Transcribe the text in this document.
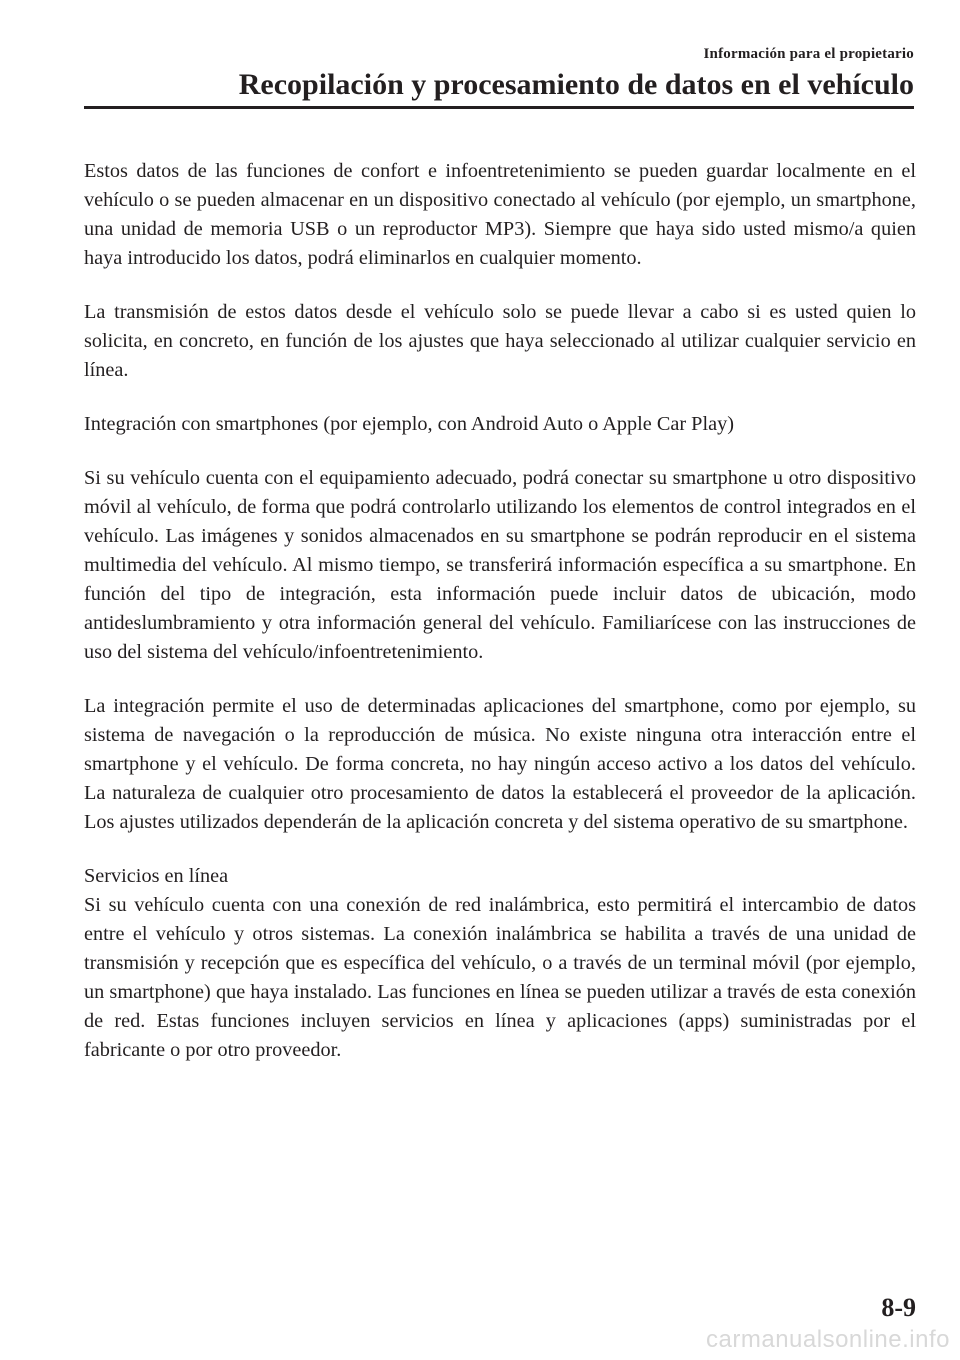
Información para el propietario
Recopilación y procesamiento de datos en el vehículo

Estos datos de las funciones de confort e infoentretenimiento se pueden guardar localmente en el vehículo o se pueden almacenar en un dispositivo conectado al vehículo (por ejemplo, un smartphone, una unidad de memoria USB o un reproductor MP3). Siempre que haya sido usted mismo/a quien haya introducido los datos, podrá eliminarlos en cualquier momento.

La transmisión de estos datos desde el vehículo solo se puede llevar a cabo si es usted quien lo solicita, en concreto, en función de los ajustes que haya seleccionado al utilizar cualquier servicio en línea.

Integración con smartphones (por ejemplo, con Android Auto o Apple Car Play)

Si su vehículo cuenta con el equipamiento adecuado, podrá conectar su smartphone u otro dispositivo móvil al vehículo, de forma que podrá controlarlo utilizando los elementos de control integrados en el vehículo. Las imágenes y sonidos almacenados en su smartphone se podrán reproducir en el sistema multimedia del vehículo. Al mismo tiempo, se transferirá información específica a su smartphone. En función del tipo de integración, esta información puede incluir datos de ubicación, modo antideslumbramiento y otra información general del vehículo. Familiarícese con las instrucciones de uso del sistema del vehículo/infoentretenimiento.

La integración permite el uso de determinadas aplicaciones del smartphone, como por ejemplo, su sistema de navegación o la reproducción de música. No existe ninguna otra interacción entre el smartphone y el vehículo. De forma concreta, no hay ningún acceso activo a los datos del vehículo. La naturaleza de cualquier otro procesamiento de datos la establecerá el proveedor de la aplicación. Los ajustes utilizados dependerán de la aplicación concreta y del sistema operativo de su smartphone.

Servicios en línea
Si su vehículo cuenta con una conexión de red inalámbrica, esto permitirá el intercambio de datos entre el vehículo y otros sistemas. La conexión inalámbrica se habilita a través de una unidad de transmisión y recepción que es específica del vehículo, o a través de un terminal móvil (por ejemplo, un smartphone) que haya instalado. Las funciones en línea se pueden utilizar a través de esta conexión de red. Estas funciones incluyen servicios en línea y aplicaciones (apps) suministradas por el fabricante o por otro proveedor.

8-9
carmanualsonline.info
